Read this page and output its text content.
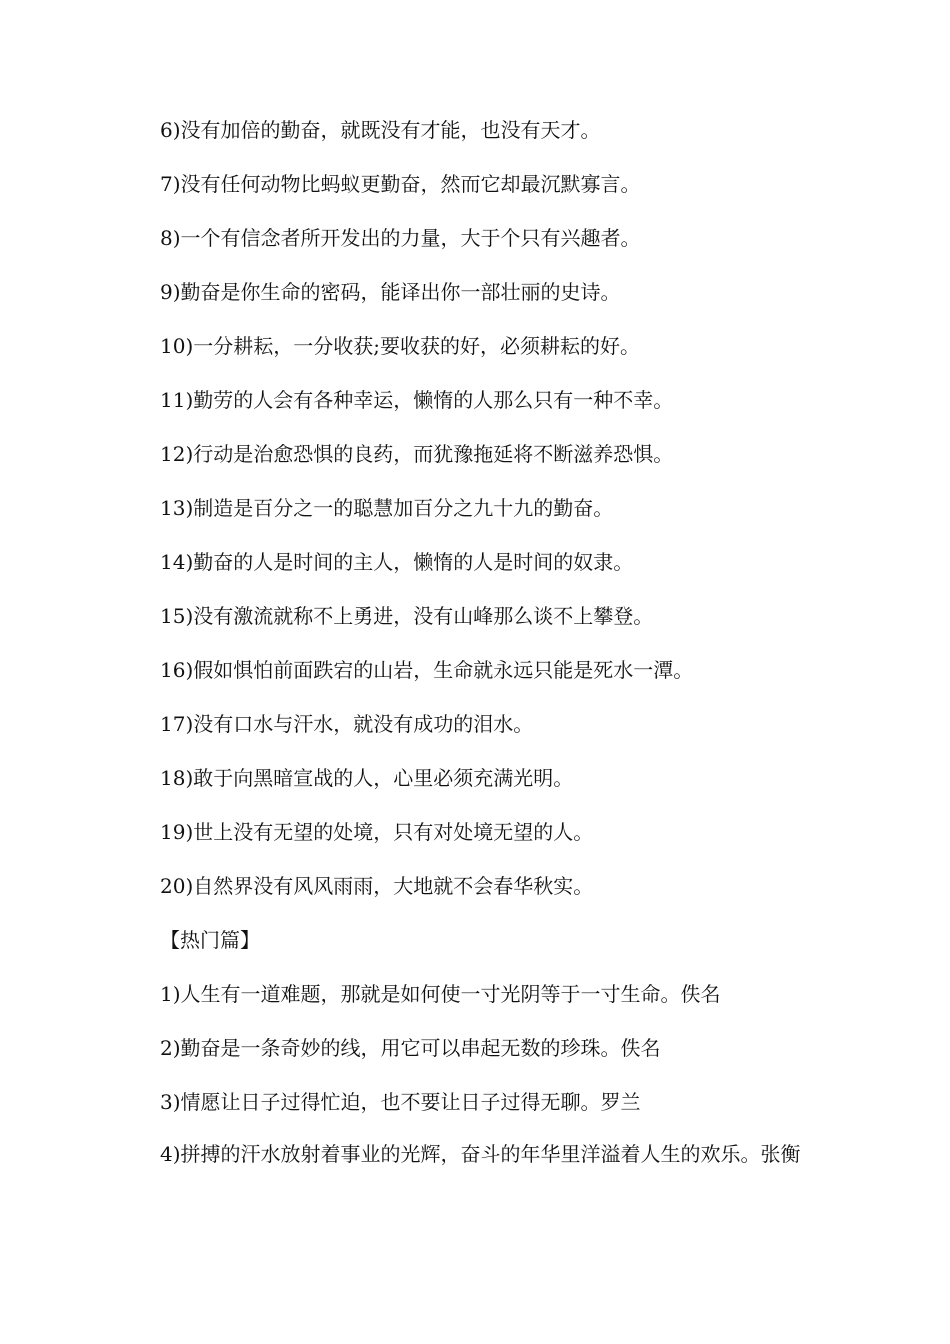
6)没有加倍的勤奋，就既没有才能，也没有天才。

7)没有任何动物比蚂蚁更勤奋，然而它却最沉默寡言。

8)一个有信念者所开发出的力量，大于个只有兴趣者。

9)勤奋是你生命的密码，能译出你一部壮丽的史诗。

10)一分耕耘，一分收获;要收获的好，必须耕耘的好。

11)勤劳的人会有各种幸运，懒惰的人那么只有一种不幸。

12)行动是治愈恐惧的良药，而犹豫拖延将不断滋养恐惧。

13)制造是百分之一的聪慧加百分之九十九的勤奋。

14)勤奋的人是时间的主人，懒惰的人是时间的奴隶。

15)没有激流就称不上勇进，没有山峰那么谈不上攀登。

16)假如惧怕前面跌宕的山岩，生命就永远只能是死水一潭。

17)没有口水与汗水，就没有成功的泪水。

18)敢于向黑暗宣战的人，心里必须充满光明。

19)世上没有无望的处境，只有对处境无望的人。

20)自然界没有风风雨雨，大地就不会春华秋实。

【热门篇】

1)人生有一道难题，那就是如何使一寸光阴等于一寸生命。佚名

2)勤奋是一条奇妙的线，用它可以串起无数的珍珠。佚名

3)情愿让日子过得忙迫，也不要让日子过得无聊。罗兰

4)拼搏的汗水放射着事业的光辉，奋斗的年华里洋溢着人生的欢乐。张衡
